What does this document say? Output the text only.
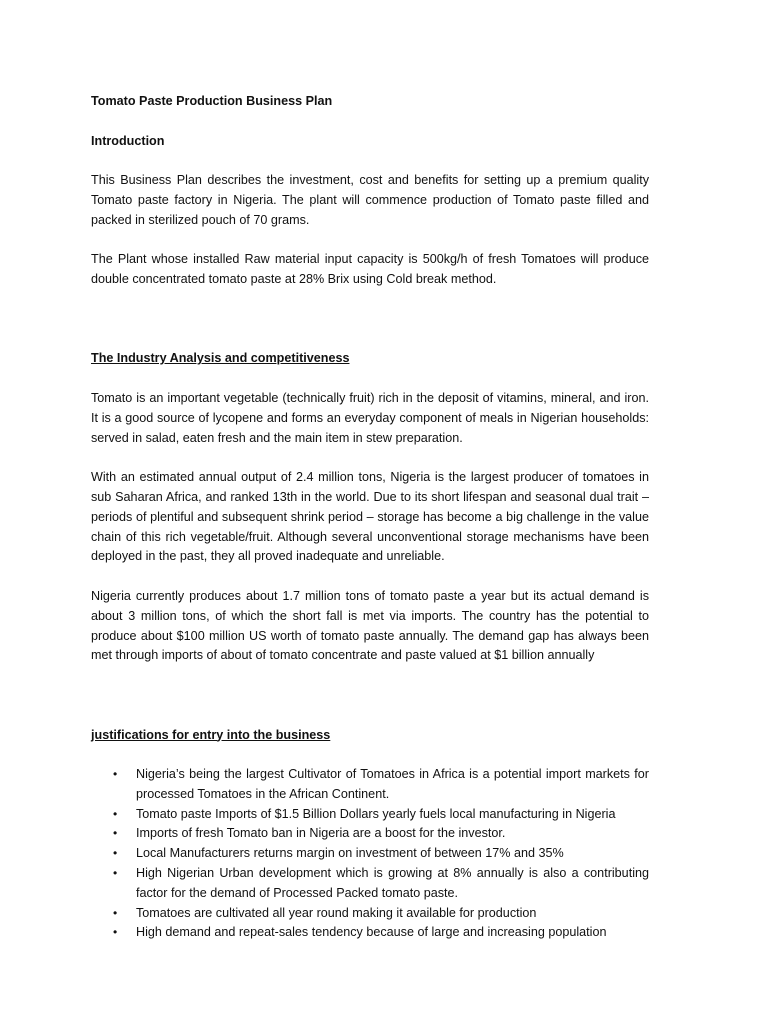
Tomato Paste Production Business Plan

Introduction

This Business Plan describes the investment, cost and benefits for setting up a premium quality Tomato paste factory in Nigeria. The plant will commence production of Tomato paste filled and packed in sterilized pouch of 70 grams.

The Plant whose installed Raw material input capacity is 500kg/h of fresh Tomatoes will produce double concentrated tomato paste at 28% Brix using Cold break method.

The Industry Analysis and competitiveness

Tomato is an important vegetable (technically fruit) rich in the deposit of vitamins, mineral, and iron. It is a good source of lycopene and forms an everyday component of meals in Nigerian households: served in salad, eaten fresh and the main item in stew preparation.

With an estimated annual output of 2.4 million tons, Nigeria is the largest producer of tomatoes in sub Saharan Africa, and ranked 13th in the world. Due to its short lifespan and seasonal dual trait – periods of plentiful and subsequent shrink period – storage has become a big challenge in the value chain of this rich vegetable/fruit. Although several unconventional storage mechanisms have been deployed in the past, they all proved inadequate and unreliable.

Nigeria currently produces about 1.7 million tons of tomato paste a year but its actual demand is about 3 million tons, of which the short fall is met via imports. The country has the potential to produce about $100 million US worth of tomato paste annually. The demand gap has always been met through imports of about of tomato concentrate and paste valued at $1 billion annually

justifications for entry into the business

• Nigeria’s being the largest Cultivator of Tomatoes in Africa is a potential import markets for processed Tomatoes in the African Continent.
• Tomato paste Imports of $1.5 Billion Dollars yearly fuels local manufacturing in Nigeria
• Imports of fresh Tomato ban in Nigeria are a boost for the investor.
• Local Manufacturers returns margin on investment of between 17% and 35%
• High Nigerian Urban development which is growing at 8% annually is also a contributing factor for the demand of Processed Packed tomato paste.
• Tomatoes are cultivated all year round making it available for production
• High demand and repeat-sales tendency because of large and increasing population
